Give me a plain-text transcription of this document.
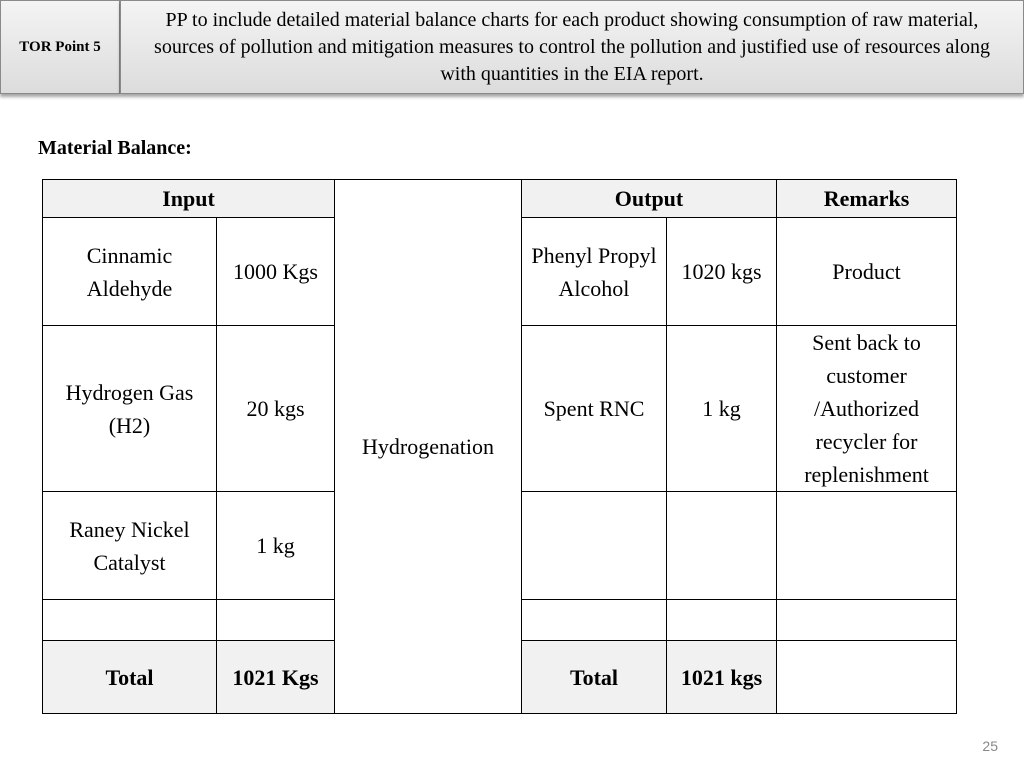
TOR Point 5
PP to include detailed material balance charts for each product showing consumption of raw material, sources of pollution and mitigation measures to control the pollution and justified use of resources along with quantities in the EIA report.
Material Balance:
Input		Hydrogenation	Output		Remarks
Cinnamic Aldehyde	1000 Kgs		Phenyl Propyl Alcohol	1020 kgs	Product
Hydrogen Gas (H2)	20 kgs		Spent RNC	1 kg	Sent back to customer /Authorized recycler for replenishment
Raney Nickel Catalyst	1 kg				

Total	1021 Kgs		Total	1021 kgs	
25
